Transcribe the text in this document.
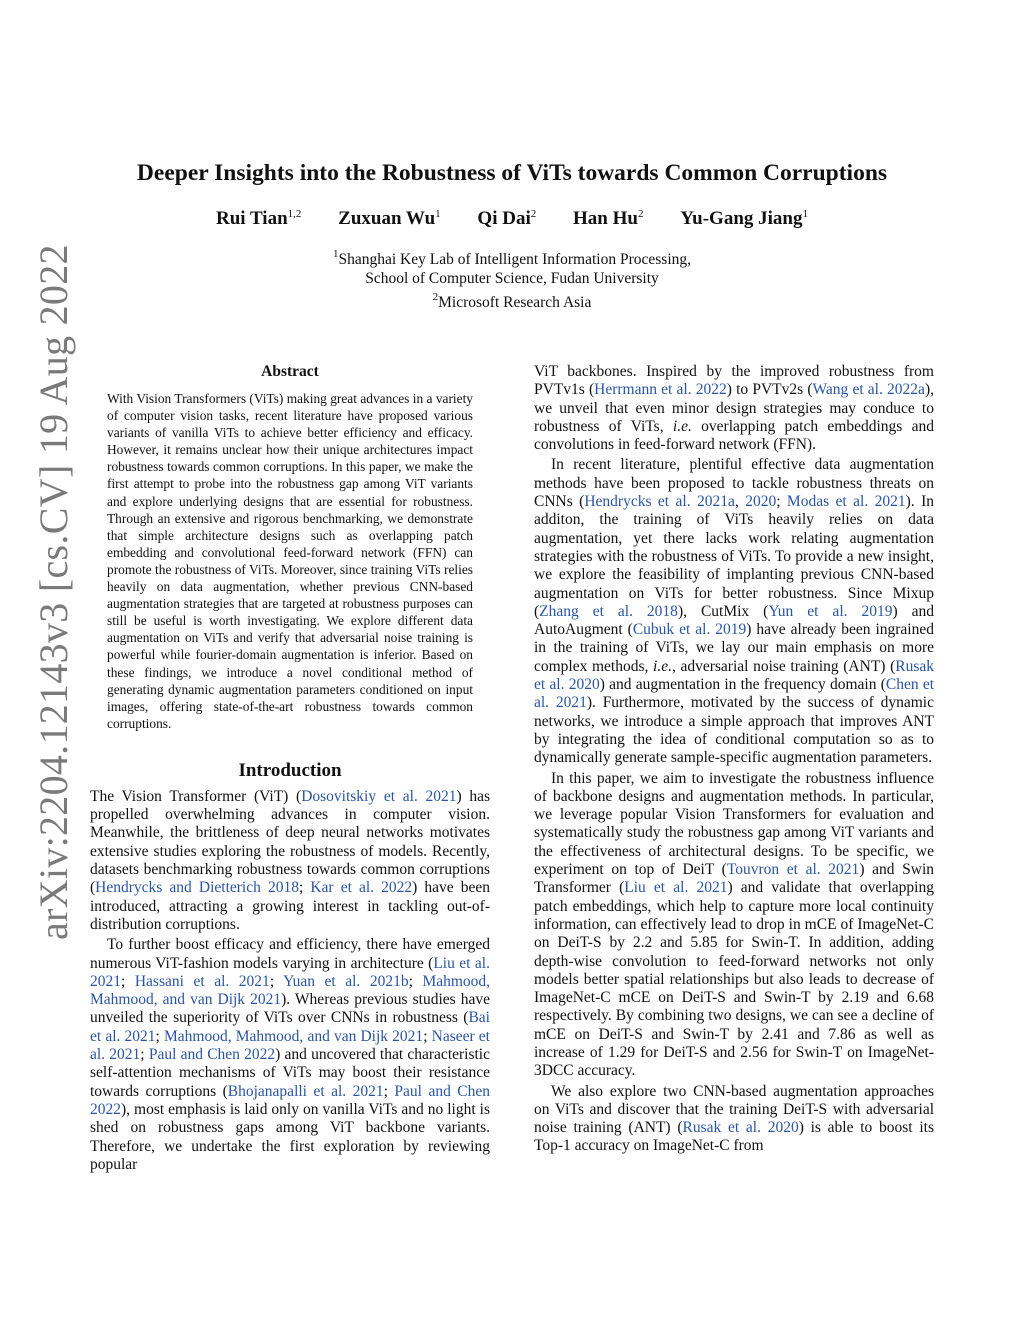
arXiv:2204.12143v3 [cs.CV] 19 Aug 2022
Deeper Insights into the Robustness of ViTs towards Common Corruptions
Rui Tian$^{1,2}$ Zuxuan Wu$^1$ Qi Dai$^2$ Han Hu$^2$ Yu-Gang Jiang$^1$
$^1$Shanghai Key Lab of Intelligent Information Processing,
School of Computer Science, Fudan University
$^2$Microsoft Research Asia
Abstract

With Vision Transformers (ViTs) making great advances in a variety of computer vision tasks, recent literature have proposed various variants of vanilla ViTs to achieve better efficiency and efficacy. However, it remains unclear how their unique architectures impact robustness towards common corruptions. In this paper, we make the first attempt to probe into the robustness gap among ViT variants and explore underlying designs that are essential for robustness. Through an extensive and rigorous benchmarking, we demonstrate that simple architecture designs such as overlapping patch embedding and convolutional feed-forward network (FFN) can promote the robustness of ViTs. Moreover, since training ViTs relies heavily on data augmentation, whether previous CNN-based augmentation strategies that are targeted at robustness purposes can still be useful is worth investigating. We explore different data augmentation on ViTs and verify that adversarial noise training is powerful while fourier-domain augmentation is inferior. Based on these findings, we introduce a novel conditional method of generating dynamic augmentation parameters conditioned on input images, offering state-of-the-art robustness towards common corruptions.

Introduction

The Vision Transformer (ViT) (Dosovitskiy et al. 2021) has propelled overwhelming advances in computer vision. Meanwhile, the brittleness of deep neural networks motivates extensive studies exploring the robustness of models. Recently, datasets benchmarking robustness towards common corruptions (Hendrycks and Dietterich 2018; Kar et al. 2022) have been introduced, attracting a growing interest in tackling out-of-distribution corruptions.

To further boost efficacy and efficiency, there have emerged numerous ViT-fashion models varying in architecture (Liu et al. 2021; Hassani et al. 2021; Yuan et al. 2021b; Mahmood, Mahmood, and van Dijk 2021). Whereas previous studies have unveiled the superiority of ViTs over CNNs in robustness (Bai et al. 2021; Mahmood, Mahmood, and van Dijk 2021; Naseer et al. 2021; Paul and Chen 2022) and uncovered that characteristic self-attention mechanisms of ViTs may boost their resistance towards corruptions (Bhojanapalli et al. 2021; Paul and Chen 2022), most emphasis is laid only on vanilla ViTs and no light is shed on robustness gaps among ViT backbone variants. Therefore, we undertake the first exploration by reviewing popular

ViT backbones. Inspired by the improved robustness from PVTv1s (Herrmann et al. 2022) to PVTv2s (Wang et al. 2022a), we unveil that even minor design strategies may conduce to robustness of ViTs, i.e. overlapping patch embeddings and convolutions in feed-forward network (FFN).

In recent literature, plentiful effective data augmentation methods have been proposed to tackle robustness threats on CNNs (Hendrycks et al. 2021a, 2020; Modas et al. 2021). In additon, the training of ViTs heavily relies on data augmentation, yet there lacks work relating augmentation strategies with the robustness of ViTs. To provide a new insight, we explore the feasibility of implanting previous CNN-based augmentation on ViTs for better robustness. Since Mixup (Zhang et al. 2018), CutMix (Yun et al. 2019) and AutoAugment (Cubuk et al. 2019) have already been ingrained in the training of ViTs, we lay our main emphasis on more complex methods, i.e., adversarial noise training (ANT) (Rusak et al. 2020) and augmentation in the frequency domain (Chen et al. 2021). Furthermore, motivated by the success of dynamic networks, we introduce a simple approach that improves ANT by integrating the idea of conditional computation so as to dynamically generate sample-specific augmentation parameters.

In this paper, we aim to investigate the robustness influence of backbone designs and augmentation methods. In particular, we leverage popular Vision Transformers for evaluation and systematically study the robustness gap among ViT variants and the effectiveness of architectural designs. To be specific, we experiment on top of DeiT (Touvron et al. 2021) and Swin Transformer (Liu et al. 2021) and validate that overlapping patch embeddings, which help to capture more local continuity information, can effectively lead to drop in mCE of ImageNet-C on DeiT-S by 2.2 and 5.85 for Swin-T. In addition, adding depth-wise convolution to feed-forward networks not only models better spatial relationships but also leads to decrease of ImageNet-C mCE on DeiT-S and Swin-T by 2.19 and 6.68 respectively. By combining two designs, we can see a decline of mCE on DeiT-S and Swin-T by 2.41 and 7.86 as well as increase of 1.29 for DeiT-S and 2.56 for Swin-T on ImageNet-3DCC accuracy.

We also explore two CNN-based augmentation approaches on ViTs and discover that the training DeiT-S with adversarial noise training (ANT) (Rusak et al. 2020) is able to boost its Top-1 accuracy on ImageNet-C from
